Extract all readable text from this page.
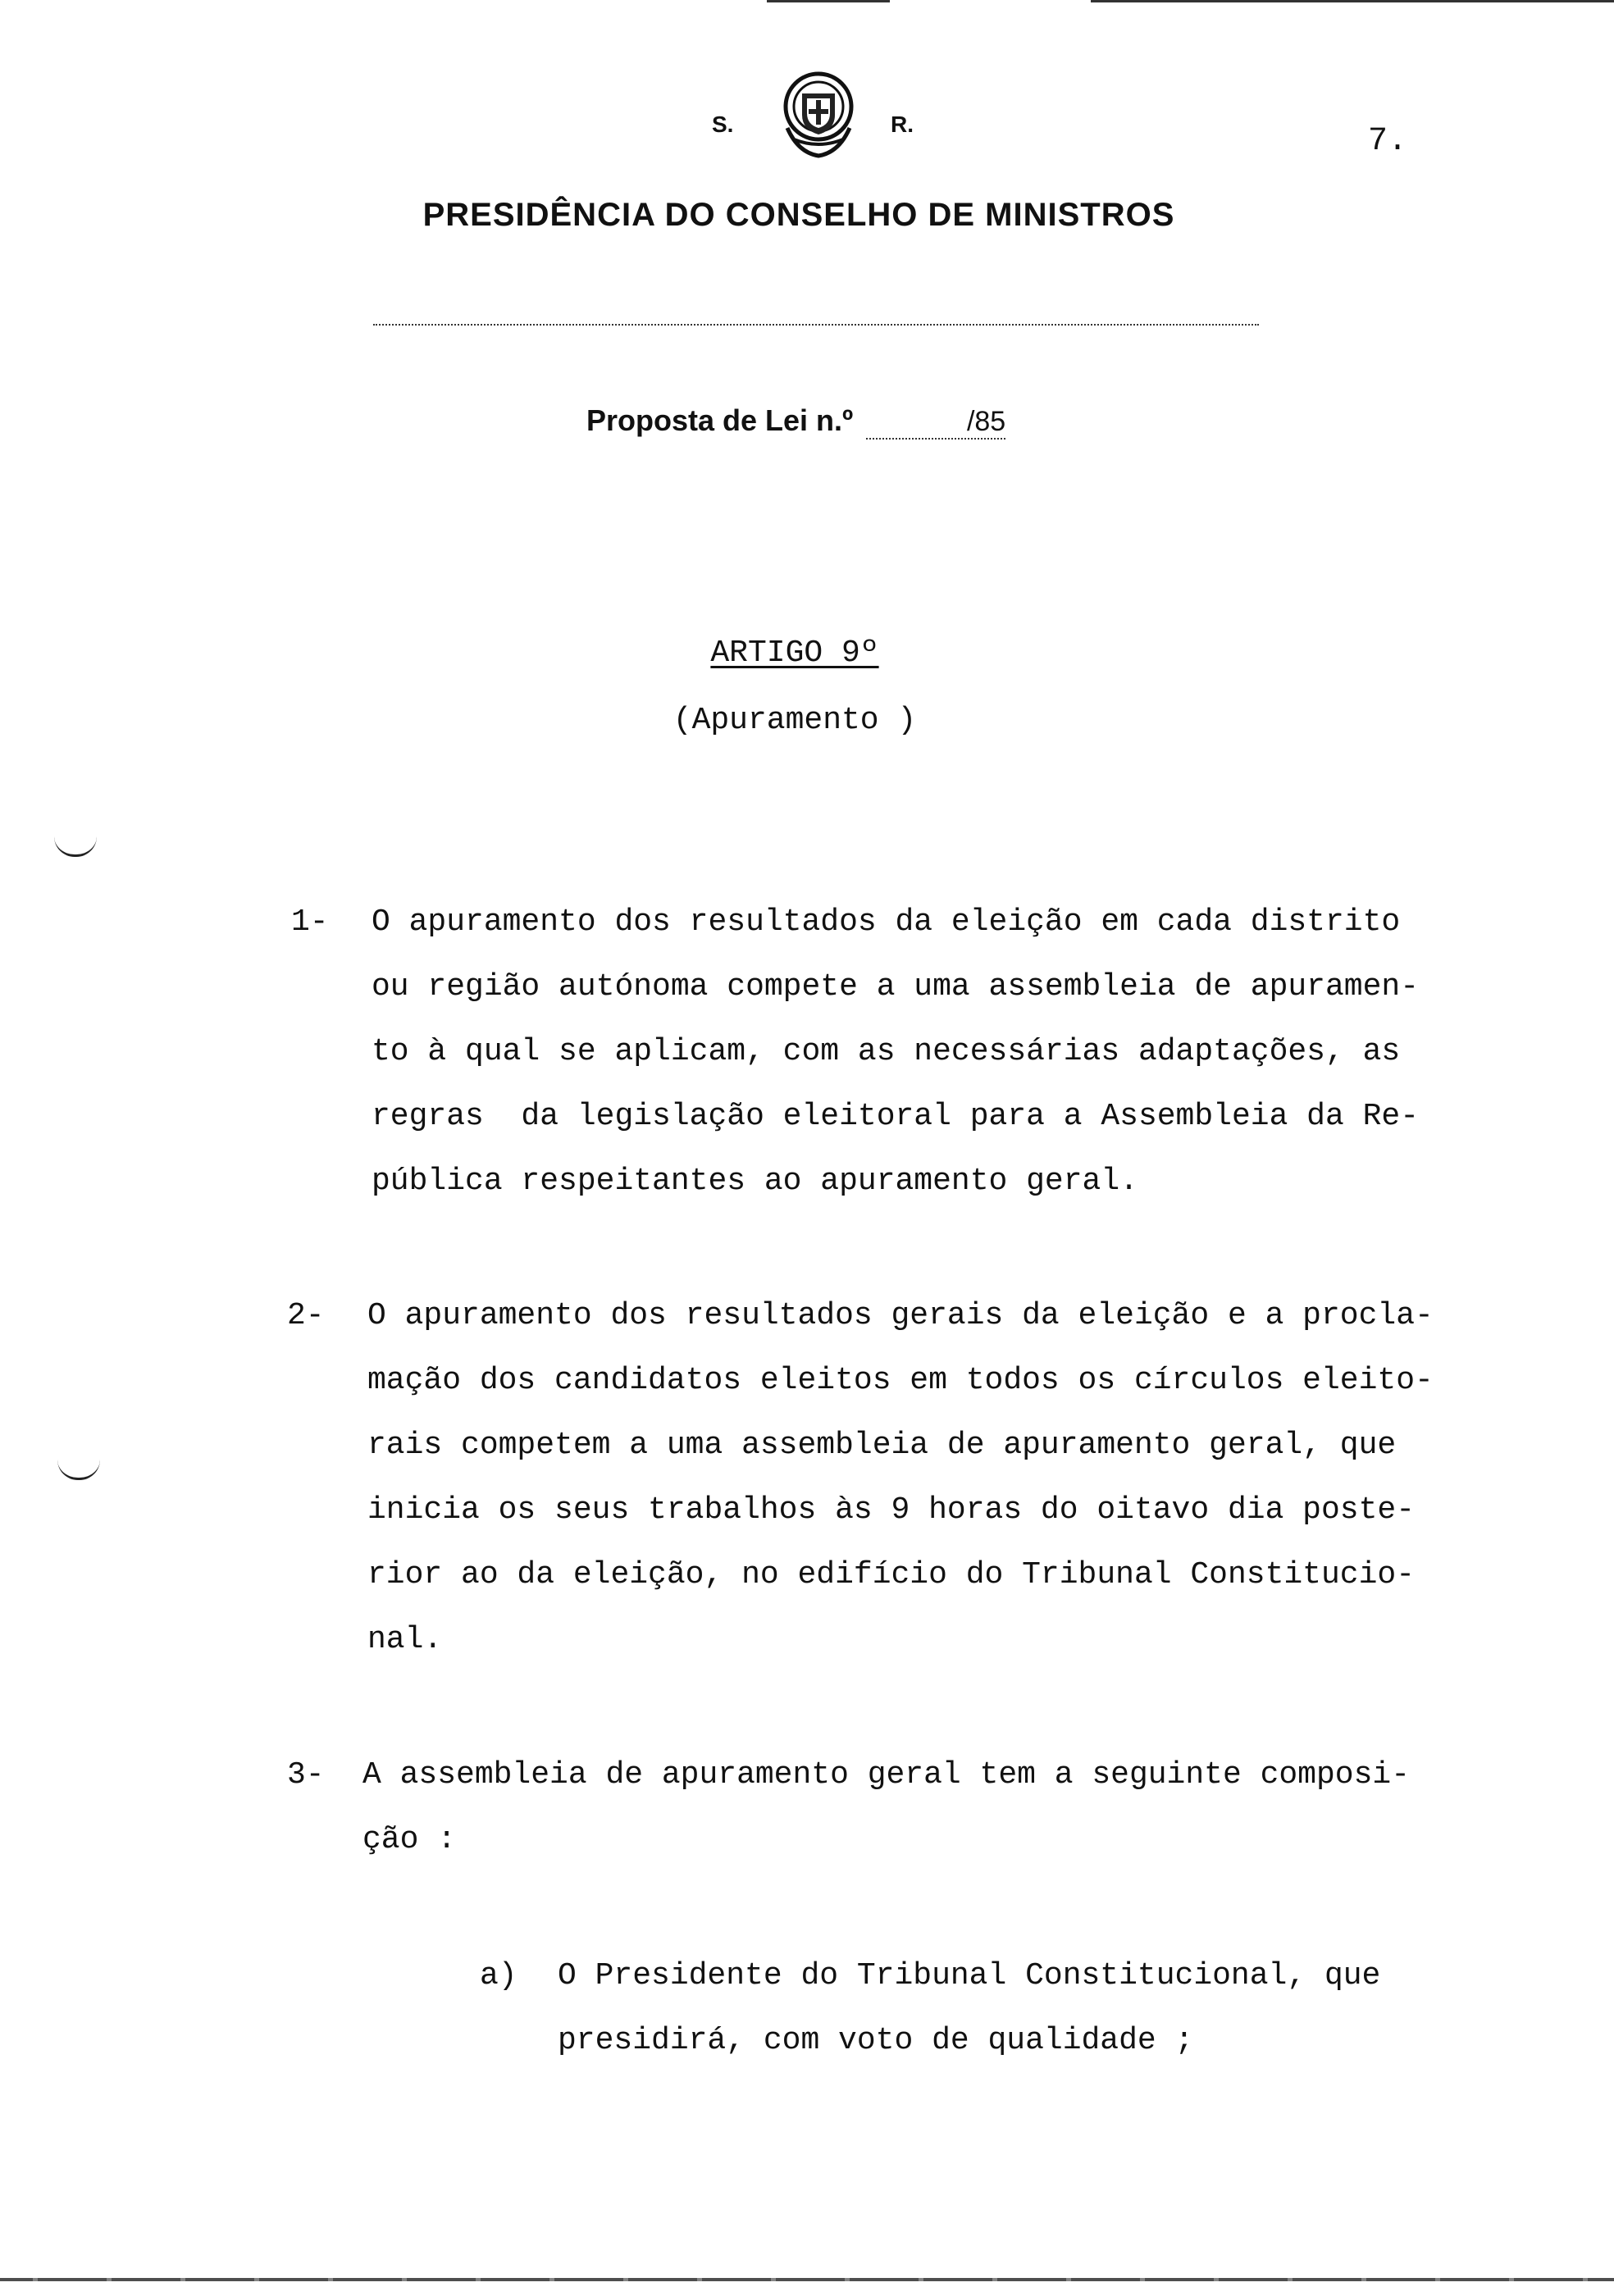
S.	R.	7.
PRESIDÊNCIA DO CONSELHO DE MINISTROS
Proposta de Lei n.º	/85
ARTIGO 9º
(Apuramento )
1- O apuramento dos resultados da eleição em cada distrito
ou região autónoma compete a uma assembleia de apuramen-
to à qual se aplicam, com as necessárias adaptações, as
regras  da legislação eleitoral para a Assembleia da Re-
pública respeitantes ao apuramento geral.
2- O apuramento dos resultados gerais da eleição e a procla-
mação dos candidatos eleitos em todos os círculos eleito-
rais competem a uma assembleia de apuramento geral, que
inicia os seus trabalhos às 9 horas do oitavo dia poste-
rior ao da eleição, no edifício do Tribunal Constitucio-
nal.
3- A assembleia de apuramento geral tem a seguinte composi-
ção :
a) O Presidente do Tribunal Constitucional, que
presidirá, com voto de qualidade ;
